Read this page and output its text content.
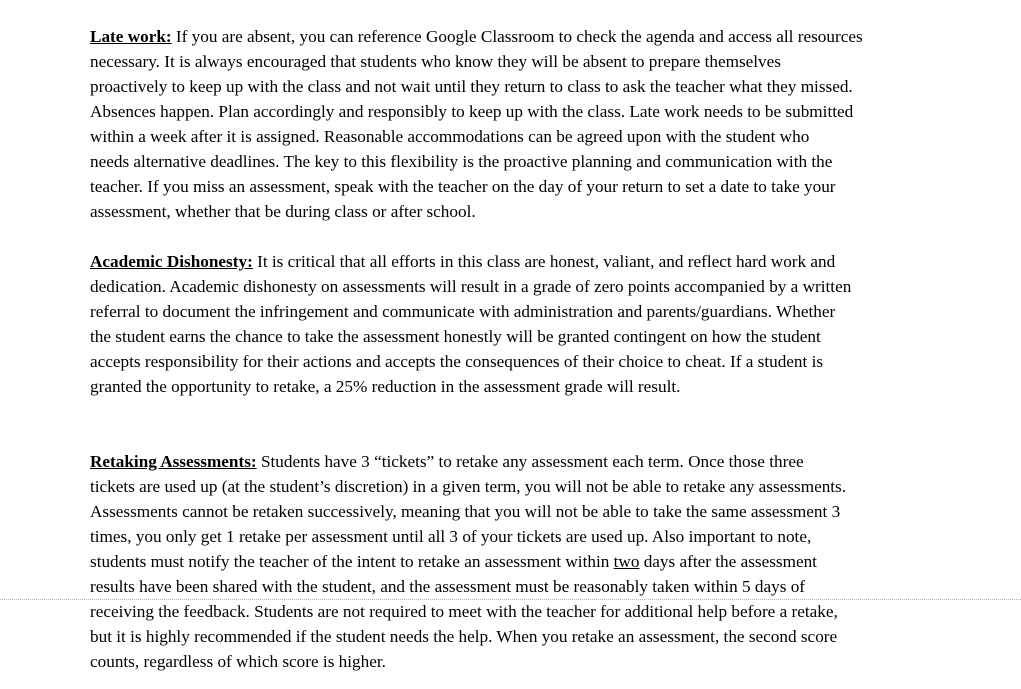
Late work: If you are absent, you can reference Google Classroom to check the agenda and access all resources
necessary. It is always encouraged that students who know they will be absent to prepare themselves
proactively to keep up with the class and not wait until they return to class to ask the teacher what they missed.
Absences happen. Plan accordingly and responsibly to keep up with the class. Late work needs to be submitted
within a week after it is assigned. Reasonable accommodations can be agreed upon with the student who
needs alternative deadlines. The key to this flexibility is the proactive planning and communication with the
teacher. If you miss an assessment, speak with the teacher on the day of your return to set a date to take your
assessment, whether that be during class or after school.

Academic Dishonesty: It is critical that all efforts in this class are honest, valiant, and reflect hard work and
dedication. Academic dishonesty on assessments will result in a grade of zero points accompanied by a written
referral to document the infringement and communicate with administration and parents/guardians. Whether
the student earns the chance to take the assessment honestly will be granted contingent on how the student
accepts responsibility for their actions and accepts the consequences of their choice to cheat. If a student is
granted the opportunity to retake, a 25% reduction in the assessment grade will result.

Retaking Assessments: Students have 3 “tickets” to retake any assessment each term. Once those three
tickets are used up (at the student’s discretion) in a given term, you will not be able to retake any assessments.
Assessments cannot be retaken successively, meaning that you will not be able to take the same assessment 3
times, you only get 1 retake per assessment until all 3 of your tickets are used up. Also important to note,
students must notify the teacher of the intent to retake an assessment within two days after the assessment
results have been shared with the student, and the assessment must be reasonably taken within 5 days of
receiving the feedback. Students are not required to meet with the teacher for additional help before a retake,
but it is highly recommended if the student needs the help. When you retake an assessment, the second score
counts, regardless of which score is higher.
